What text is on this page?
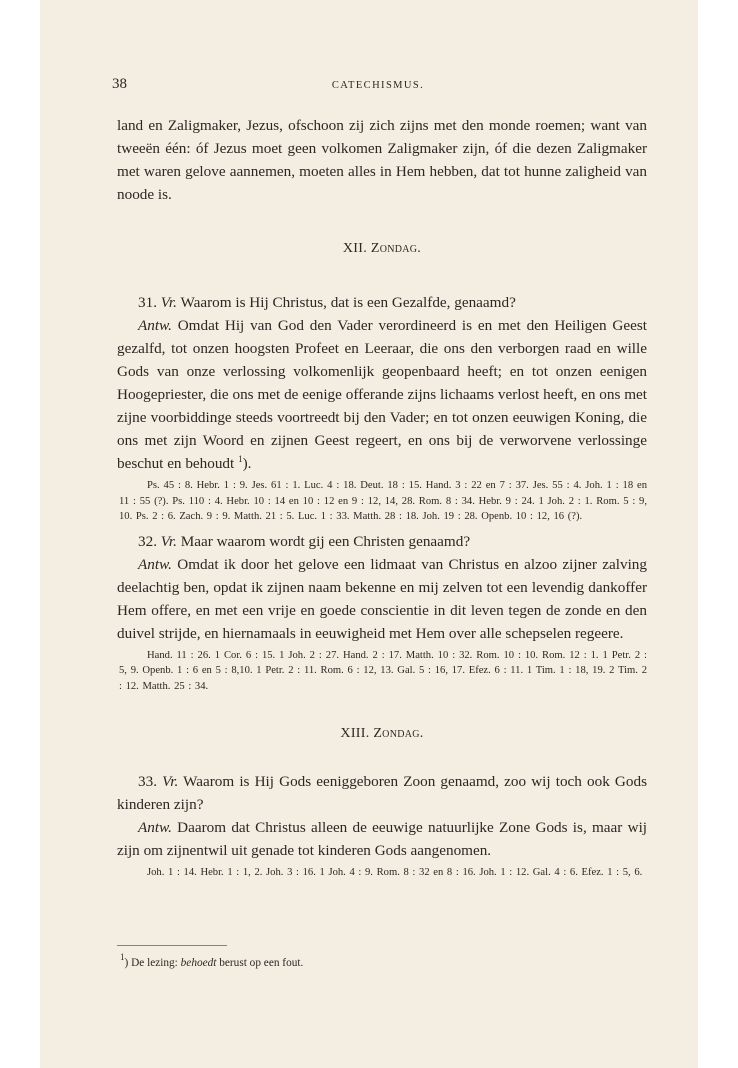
38	CATECHISMUS.

land en Zaligmaker, Jezus, ofschoon zij zich zijns met den monde roemen; want van tweeën één: óf Jezus moet geen volkomen Zaligmaker zijn, óf die dezen Zaligmaker met waren gelove aannemen, moeten alles in Hem hebben, dat tot hunne zaligheid van noode is.

XII. Zondag.

31. Vr. Waarom is Hij Christus, dat is een Gezalfde, genaamd?

Antw. Omdat Hij van God den Vader verordineerd is en met den Heiligen Geest gezalfd, tot onzen hoogsten Profeet en Leeraar, die ons den verborgen raad en wille Gods van onze verlossing volkomenlijk geopenbaard heeft; en tot onzen eenigen Hoogepriester, die ons met de eenige offerande zijns lichaams verlost heeft, en ons met zijne voorbiddinge steeds voortreedt bij den Vader; en tot onzen eeuwigen Koning, die ons met zijn Woord en zijnen Geest regeert, en ons bij de verworvene verlossinge beschut en behoudt $^1$).

Ps. 45 : 8. Hebr. 1 : 9. Jes. 61 : 1. Luc. 4 : 18. Deut. 18 : 15. Hand. 3 : 22 en 7 : 37. Jes. 55 : 4. Joh. 1 : 18 en 11 : 55 (?). Ps. 110 : 4. Hebr. 10 : 14 en 10 : 12 en 9 : 12, 14, 28. Rom. 8 : 34. Hebr. 9 : 24. 1 Joh. 2 : 1. Rom. 5 : 9, 10. Ps. 2 : 6. Zach. 9 : 9. Matth. 21 : 5. Luc. 1 : 33. Matth. 28 : 18. Joh. 19 : 28. Openb. 10 : 12, 16 (?).

32. Vr. Maar waarom wordt gij een Christen genaamd?

Antw. Omdat ik door het gelove een lidmaat van Christus en alzoo zijner zalving deelachtig ben, opdat ik zijnen naam bekenne en mij zelven tot een levendig dankoffer Hem offere, en met een vrije en goede conscientie in dit leven tegen de zonde en den duivel strijde, en hiernamaals in eeuwigheid met Hem over alle schepselen regeere.

Hand. 11 : 26. 1 Cor. 6 : 15. 1 Joh. 2 : 27. Hand. 2 : 17. Matth. 10 : 32. Rom. 10 : 10. Rom. 12 : 1. 1 Petr. 2 : 5, 9. Openb. 1 : 6 en 5 : 8,10. 1 Petr. 2 : 11. Rom. 6 : 12, 13. Gal. 5 : 16, 17. Efez. 6 : 11. 1 Tim. 1 : 18, 19. 2 Tim. 2 : 12. Matth. 25 : 34.

XIII. Zondag.

33. Vr. Waarom is Hij Gods eeniggeboren Zoon genaamd, zoo wij toch ook Gods kinderen zijn?

Antw. Daarom dat Christus alleen de eeuwige natuurlijke Zone Gods is, maar wij zijn om zijnentwil uit genade tot kinderen Gods aangenomen.

Joh. 1 : 14. Hebr. 1 : 1, 2. Joh. 3 : 16. 1 Joh. 4 : 9. Rom. 8 : 32 en 8 : 16. Joh. 1 : 12. Gal. 4 : 6. Efez. 1 : 5, 6.

$^1$) De lezing: behoedt berust op een fout.
